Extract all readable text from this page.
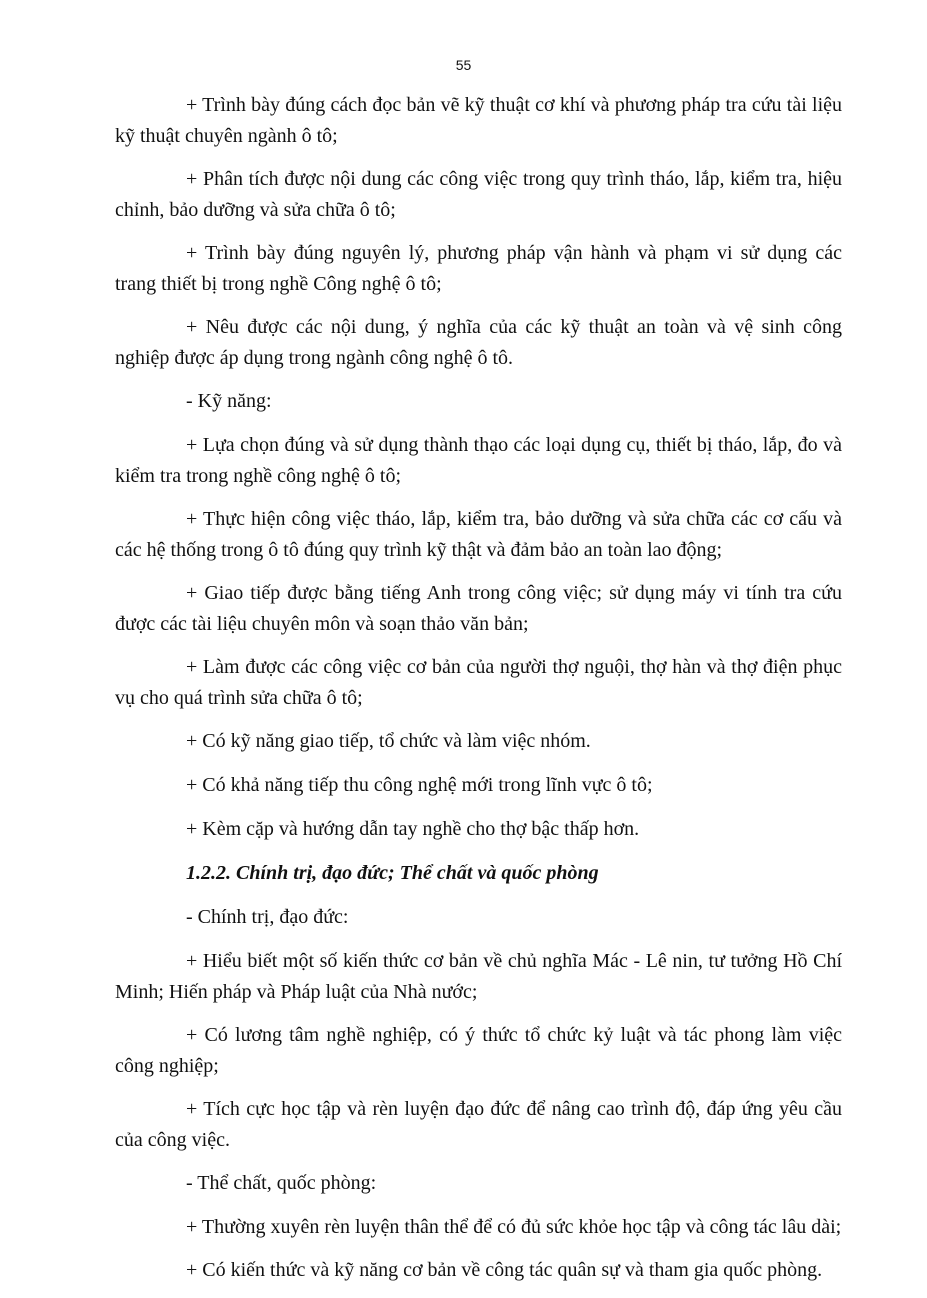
55

+ Trình bày đúng cách đọc bản vẽ kỹ thuật cơ khí và phương pháp tra cứu tài liệu kỹ thuật chuyên ngành ô tô;

+ Phân tích được nội dung các công việc trong quy trình tháo, lắp, kiểm tra, hiệu chỉnh, bảo dưỡng và sửa chữa ô tô;

+ Trình bày đúng nguyên lý, phương pháp vận hành và phạm vi sử dụng các trang thiết bị trong nghề Công nghệ ô tô;

+ Nêu được các nội dung, ý nghĩa của các kỹ thuật an toàn và vệ sinh công nghiệp được áp dụng trong ngành công nghệ ô tô.

- Kỹ năng:

+ Lựa chọn đúng và sử dụng thành thạo các loại dụng cụ, thiết bị tháo, lắp, đo và kiểm tra trong nghề công nghệ ô tô;

+ Thực hiện công việc tháo, lắp, kiểm tra, bảo dưỡng và sửa chữa các cơ cấu và các hệ thống trong ô tô đúng quy trình kỹ thật và đảm bảo an toàn lao động;

+ Giao tiếp được bằng tiếng Anh trong công việc; sử dụng máy vi tính tra cứu được các tài liệu chuyên môn và soạn thảo văn bản;

+ Làm được các công việc cơ bản của người thợ nguội, thợ hàn và thợ điện phục vụ cho quá trình sửa chữa ô tô;

+ Có kỹ năng giao tiếp, tổ chức và làm việc nhóm.

+ Có khả năng tiếp thu công nghệ mới trong lĩnh vực ô tô;

+ Kèm cặp và hướng dẫn tay nghề cho thợ bậc thấp hơn.

1.2.2. Chính trị, đạo đức; Thể chất và quốc phòng

- Chính trị, đạo đức:

+ Hiểu biết một số kiến thức cơ bản về chủ nghĩa Mác - Lê nin, tư tưởng Hồ Chí Minh; Hiến pháp và Pháp luật của Nhà nước;

+ Có lương tâm nghề nghiệp, có ý thức tổ chức kỷ luật và tác phong làm việc công nghiệp;

+ Tích cực học tập và rèn luyện đạo đức để nâng cao trình độ, đáp ứng yêu cầu của công việc.

- Thể chất, quốc phòng:

+ Thường xuyên rèn luyện thân thể để có đủ sức khỏe học tập và công tác lâu dài;

+ Có kiến thức và kỹ năng cơ bản về công tác quân sự và tham gia quốc phòng.
